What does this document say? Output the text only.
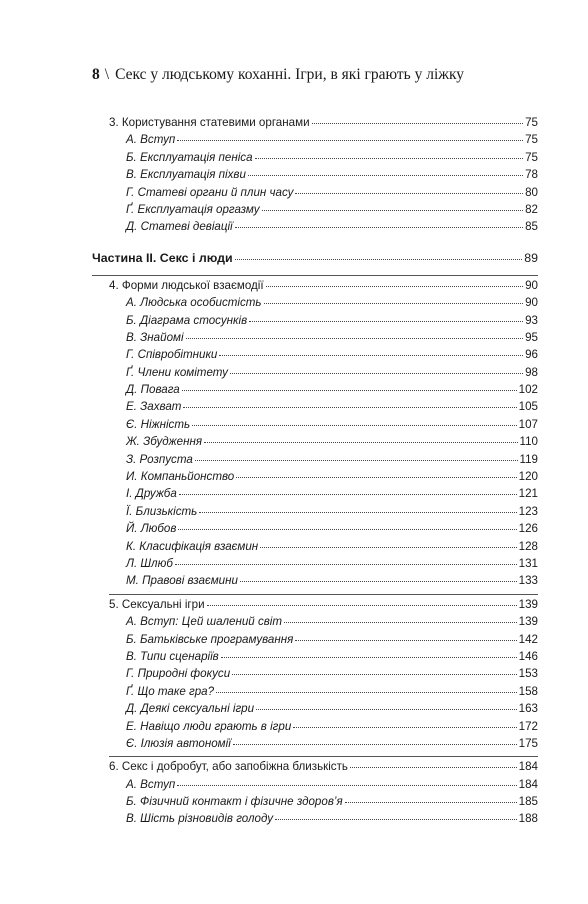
8 \ Секс у людському коханні. Ігри, в які грають у ліжку
3. Користування статевими органами	75
А. Вступ	75
Б. Експлуатація пеніса	75
В. Експлуатація піхви	78
Г. Статеві органи й плин часу	80
Ґ. Експлуатація оргазму	82
Д. Статеві девіації	85
Частина ІІ. Секс і люди	89
4. Форми людської взаємодії	90
А. Людська особистість	90
Б. Діаграма стосунків	93
В. Знайомі	95
Г. Співробітники	96
Ґ. Члени комітету	98
Д. Повага	102
Е. Захват	105
Є. Ніжність	107
Ж. Збудження	110
З. Розпуста	119
И. Компаньйонство	120
І. Дружба	121
Ї. Близькість	123
Й. Любов	126
К. Класифікація взаємин	128
Л. Шлюб	131
М. Правові взаємини	133
5. Сексуальні ігри	139
А. Вступ: Цей шалений світ	139
Б. Батьківське програмування	142
В. Типи сценаріїв	146
Г. Природні фокуси	153
Ґ. Що таке гра?	158
Д. Деякі сексуальні ігри	163
Е. Навіщо люди грають в ігри	172
Є. Ілюзія автономії	175
6. Секс і добробут, або запобіжна близькість	184
А. Вступ	184
Б. Фізичний контакт і фізичне здоров’я	185
В. Шість різновидів голоду	188
